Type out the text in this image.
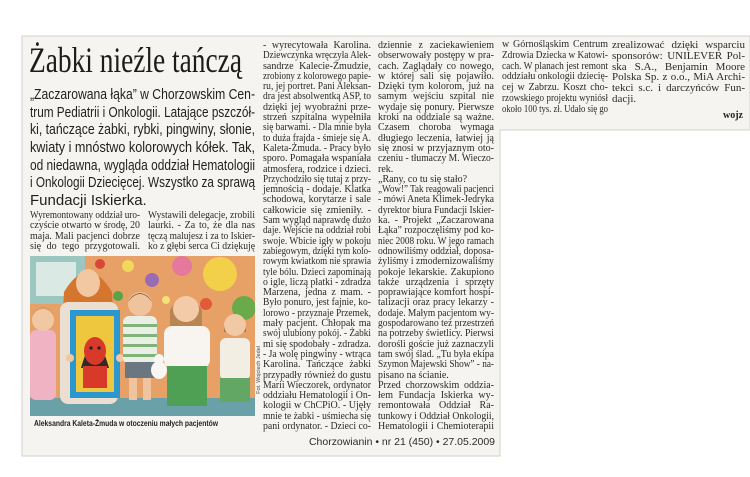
Żabki nieźle tańczą
„Zaczarowana łąka” w Chorzowskim Cen-
trum Pediatrii i Onkologii. Latające pszczół-
ki, tańczące żabki, rybki, pingwiny, słonie,
kwiaty i mnóstwo kolorowych kółek. Tak,
od niedawna, wygląda oddział Hematologii
i Onkologii Dziecięcej. Wszystko za sprawą
Fundacji Iskierka.
Wyremontowany oddział uro-
czyście otwarto w środę, 20
maja. Mali pacjenci dobrze
się do tego przygotowali.
Wystawili delegacje, zrobili
laurki. - Za to, że dla nas
tęczą malujesz i za to Iskier-
ko z głębi serca Ci dziękuję
Fot. Wojciech Jedel
Aleksandra Kaleta-Żmuda w otoczeniu małych pacjentów
- wyrecytowała Karolina.
Dziewczynka wręczyła Alek-
sandrze Kalecie-Żmudzie,
zrobiony z kolorowego papie-
ru, jej portret. Pani Aleksan-
dra jest absolwentką ASP, to
dzięki jej wyobraźni prze-
strzeń szpitalna wypełniła
się barwami. - Dla mnie była
to duża frajda - śmieje się A.
Kaleta-Żmuda. - Pracy było
sporo. Pomagała wspaniała
atmosfera, rodzice i dzieci.
Przychodziło się tutaj z przy-
jemnością - dodaje. Klatka
schodowa, korytarze i sale
całkowicie się zmieniły. -
Sam wygląd naprawdę dużo
daje. Wejście na oddział robi
swoje. Wbicie igły w pokoju
zabiegowym, dzięki tym kolo-
rowym kwiatkom nie sprawia
tyle bólu. Dzieci zapominają
o igle, liczą płatki - zdradza
Marzena, jedna z mam. -
Było ponuro, jest fajnie, ko-
lorowo - przyznaje Przemek,
mały pacjent. Chłopak ma
swój ulubiony pokój. - Żabki
mi się spodobały - zdradza.
- Ja wolę pingwiny - wtrąca
Karolina. Tańczące żabki
przypadły również do gustu
Marii Wieczorek, ordynator
oddziału Hematologii i On-
kologii w ChCPiO. - Ujęły
mnie te żabki - uśmiecha się
pani ordynator. - Dzieci co-
dziennie z zaciekawieniem
obserwowały postępy w pra-
cach. Zaglądały co nowego,
w której sali się pojawiło.
Dzięki tym kolorom, już na
samym wejściu szpital nie
wydaje się ponury. Pierwsze
kroki na oddziale są ważne.
Czasem choroba wymaga
długiego leczenia, łatwiej ją
się znosi w przyjaznym oto-
czeniu - tłumaczy M. Wieczo-
rek.
„Rany, co tu się stało?
„Wow!” Tak reagowali pacjenci
- mówi Aneta Klimek-Jedryka
dyrektor biura Fundacji Iskier-
ka. - Projekt „Zaczarowana
Łąka” rozpoczęliśmy pod ko-
niec 2008 roku. W jego ramach
odnowiliśmy oddział, doposa-
żyliśmy i zmodernizowaliśmy
pokoje lekarskie. Zakupiono
także urządzenia i sprzęty
poprawiające komfort hospi-
talizacji oraz pracy lekarzy -
dodaje. Małym pacjentom wy-
gospodarowano też przestrzeń
na potrzeby świetlicy. Pierwsi
dorośli goście już zaznaczyli
tam swój ślad. „Tu była ekipa
Szymon Majewski Show” - na-
pisano na ścianie.
Przed chorzowskim oddzia-
łem Fundacja Iskierka wy-
remontowała Oddział Ra-
tunkowy i Oddział Onkologii,
Hematologii i Chemioterapii
w Górnośląskim Centrum
Zdrowia Dziecka w Katowi-
cach. W planach jest remont
oddziału onkologii dziecię-
cej w Zabrzu. Koszt cho-
rzowskiego projektu wyniósł
około 100 tys. zł. Udało się go
zrealizować dzięki wsparciu
sponsorów: UNILEVER Pol-
ska S.A., Benjamin Moore
Polska Sp. z o.o., MiA Archi-
tekci s.c. i darczyńców Fun-
dacji.
wojz
Chorzowianin • nr 21 (450) • 27.05.2009
